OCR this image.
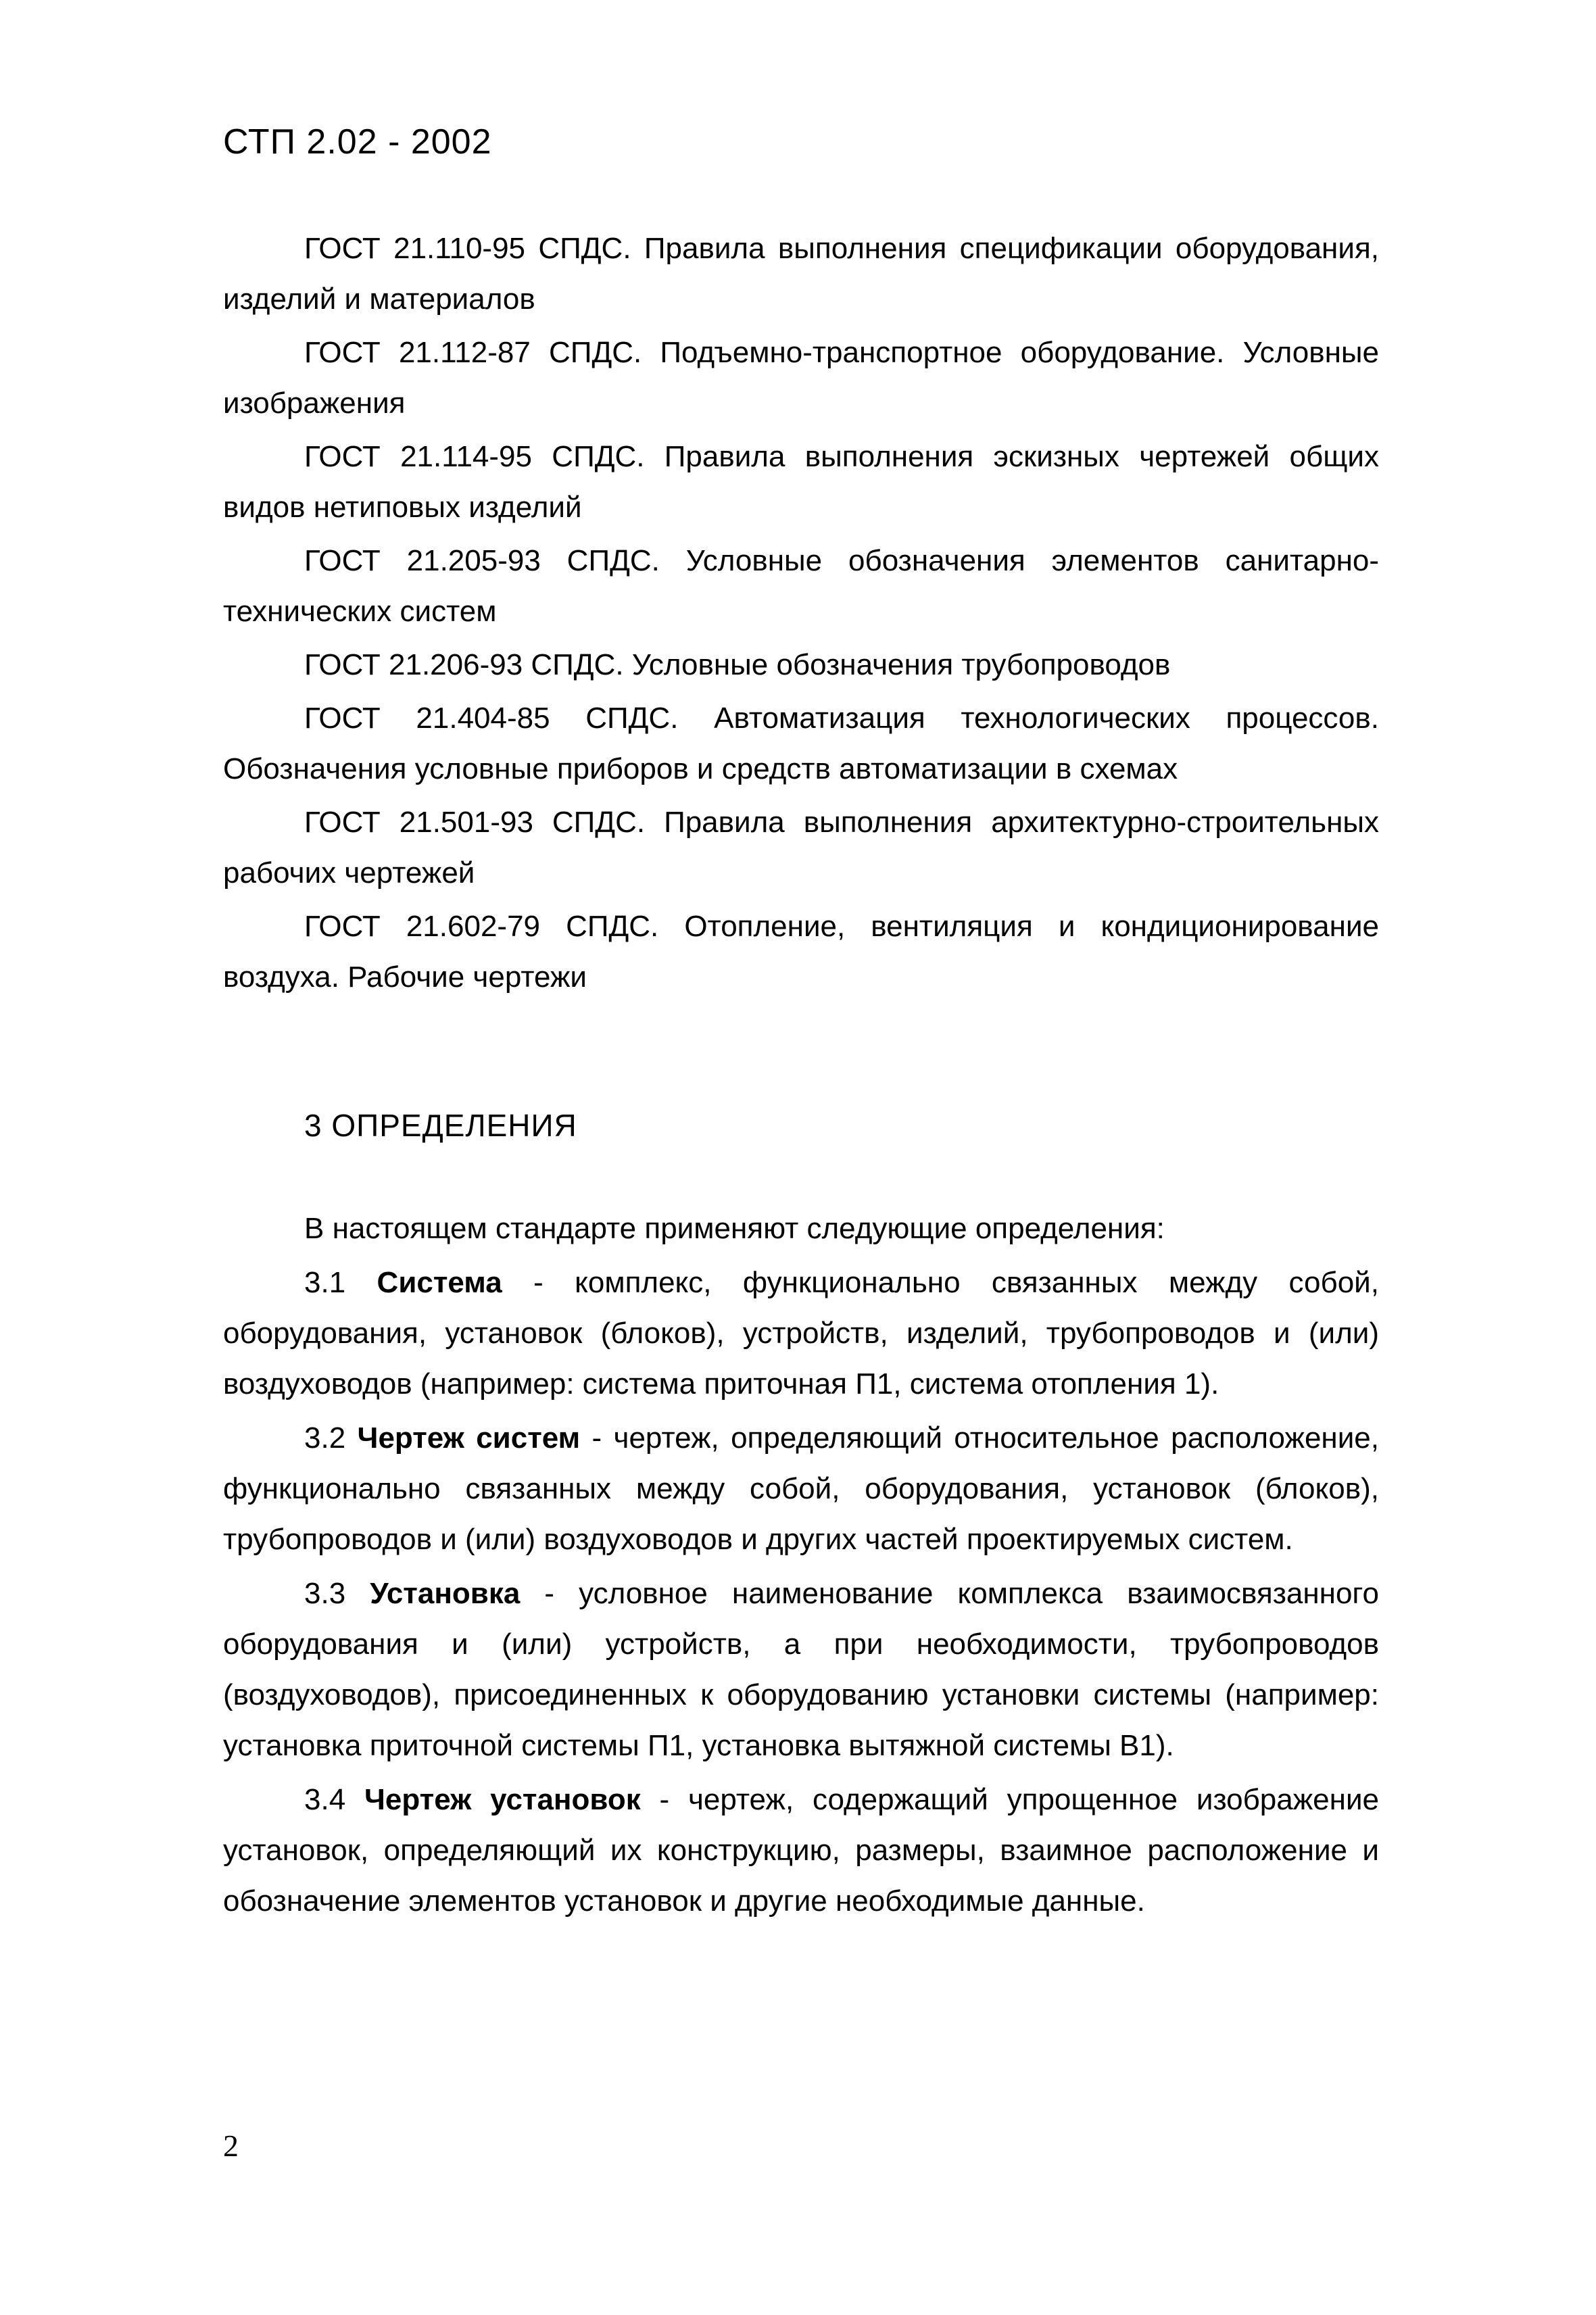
СТП 2.02 - 2002

ГОСТ 21.110-95 СПДС. Правила выполнения спецификации оборудования, изделий и материалов

ГОСТ 21.112-87 СПДС. Подъемно-транспортное оборудование. Условные изображения

ГОСТ 21.114-95 СПДС. Правила выполнения эскизных чертежей общих видов нетиповых изделий

ГОСТ 21.205-93 СПДС. Условные обозначения элементов санитарно-технических систем

ГОСТ 21.206-93 СПДС. Условные обозначения трубопроводов

ГОСТ 21.404-85 СПДС. Автоматизация технологических процессов. Обозначения условные приборов и средств автоматизации в схемах

ГОСТ 21.501-93 СПДС. Правила выполнения архитектурно-строительных рабочих чертежей

ГОСТ 21.602-79 СПДС. Отопление, вентиляция и кондиционирование воздуха. Рабочие чертежи

3 ОПРЕДЕЛЕНИЯ

В настоящем стандарте применяют следующие определения:

3.1 Система - комплекс, функционально связанных между собой, оборудования, установок (блоков), устройств, изделий, трубопроводов и (или) воздуховодов (например: система приточная П1, система отопления 1).

3.2 Чертеж систем - чертеж, определяющий относительное расположение, функционально связанных между собой, оборудования, установок (блоков), трубопроводов и (или) воздуховодов и других частей проектируемых систем.

3.3 Установка - условное наименование комплекса взаимосвязанного оборудования и (или) устройств, а при необходимости, трубопроводов (воздуховодов), присоединенных к оборудованию установки системы (например: установка приточной системы П1, установка вытяжной системы В1).

3.4 Чертеж установок - чертеж, содержащий упрощенное изображение установок, определяющий их конструкцию, размеры, взаимное расположение и обозначение элементов установок и другие необходимые данные.

2
